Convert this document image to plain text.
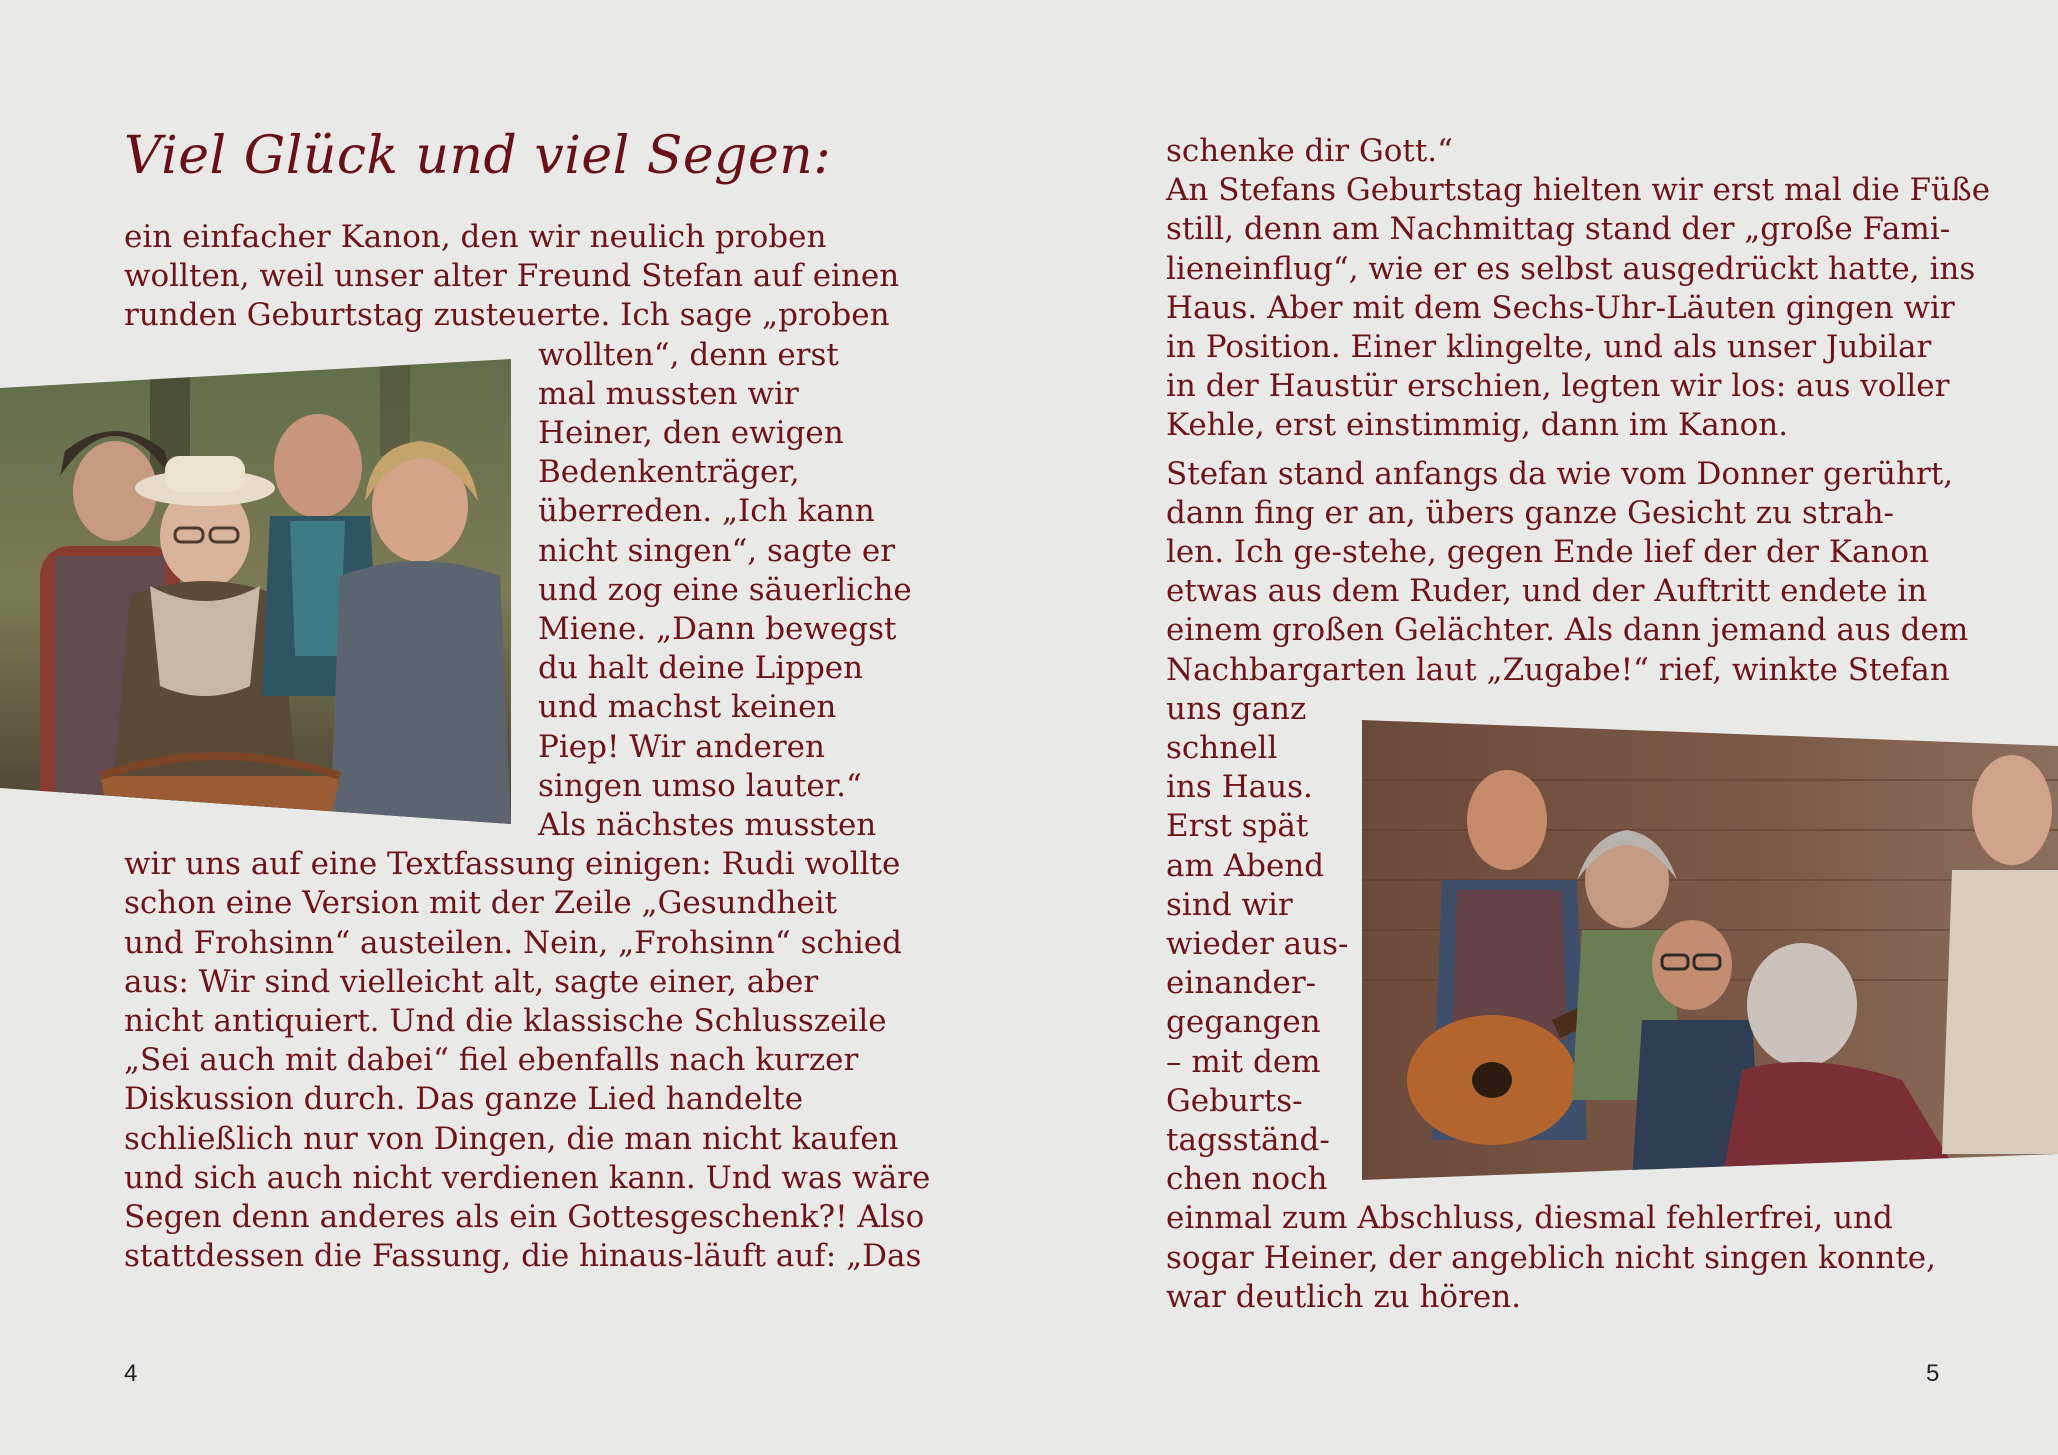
Viel Glück und viel Segen:
ein einfacher Kanon, den wir neulich proben
wollten, weil unser alter Freund Stefan auf einen
runden Geburtstag zusteuerte. Ich sage „proben
wollten“, denn erst
mal mussten wir
Heiner, den ewigen
Bedenkenträger,
überreden. „Ich kann
nicht singen“, sagte er
und zog eine säuerliche
Miene. „Dann bewegst
du halt deine Lippen
und machst keinen
Piep! Wir anderen
singen umso lauter.“
Als nächstes mussten
wir uns auf eine Textfassung einigen: Rudi wollte
schon eine Version mit der Zeile „Gesundheit
und Frohsinn“ austeilen. Nein, „Frohsinn“ schied
aus: Wir sind vielleicht alt, sagte einer, aber
nicht antiquiert. Und die klassische Schlusszeile
„Sei auch mit dabei“ fiel ebenfalls nach kurzer
Diskussion durch. Das ganze Lied handelte
schließlich nur von Dingen, die man nicht kaufen
und sich auch nicht verdienen kann. Und was wäre
Segen denn anderes als ein Gottesgeschenk?! Also
stattdessen die Fassung, die hinaus-läuft auf: „Das
4
schenke dir Gott.“
An Stefans Geburtstag hielten wir erst mal die Füße
still, denn am Nachmittag stand der „große Fami-
lieneinflug“, wie er es selbst ausgedrückt hatte, ins
Haus. Aber mit dem Sechs-Uhr-Läuten gingen wir
in Position. Einer klingelte, und als unser Jubilar
in der Haustür erschien, legten wir los: aus voller
Kehle, erst einstimmig, dann im Kanon.
Stefan stand anfangs da wie vom Donner gerührt,
dann fing er an, übers ganze Gesicht zu strah-
len. Ich ge-stehe, gegen Ende lief der der Kanon
etwas aus dem Ruder, und der Auftritt endete in
einem großen Gelächter. Als dann jemand aus dem
Nachbargarten laut „Zugabe!“ rief, winkte Stefan
uns ganz
schnell
ins Haus.
Erst spät
am Abend
sind wir
wieder aus-
einander-
gegangen
– mit dem
Geburts-
tagsständ-
chen noch
einmal zum Abschluss, diesmal fehlerfrei, und
sogar Heiner, der angeblich nicht singen konnte,
war deutlich zu hören.
5
